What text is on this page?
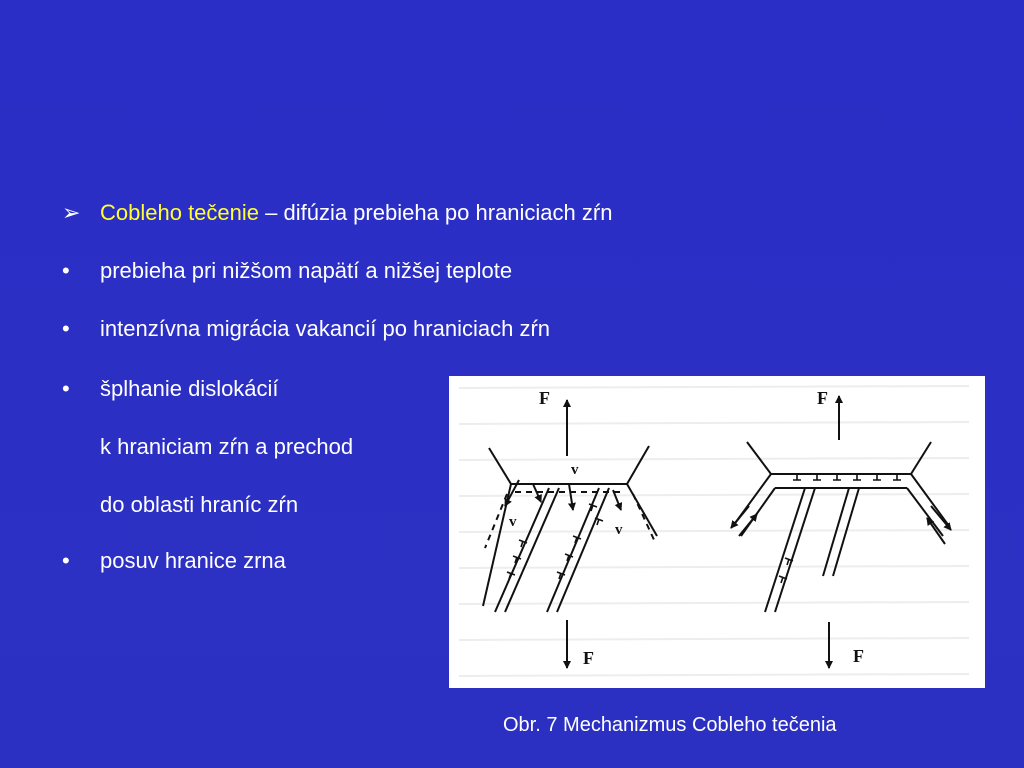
➢ Cobleho tečenie – difúzia prebieha po hraniciach zŕn
• prebieha pri nižšom napätí a nižšej teplote
• intenzívna migrácia vakancií po hraniciach zŕn
• šplhanie dislokácií
k hraniciam zŕn a prechod
do oblasti hraníc zŕn
• posuv hranice zrna
F
F
v
v	v
F
F
Obr. 7 Mechanizmus Cobleho tečenia
